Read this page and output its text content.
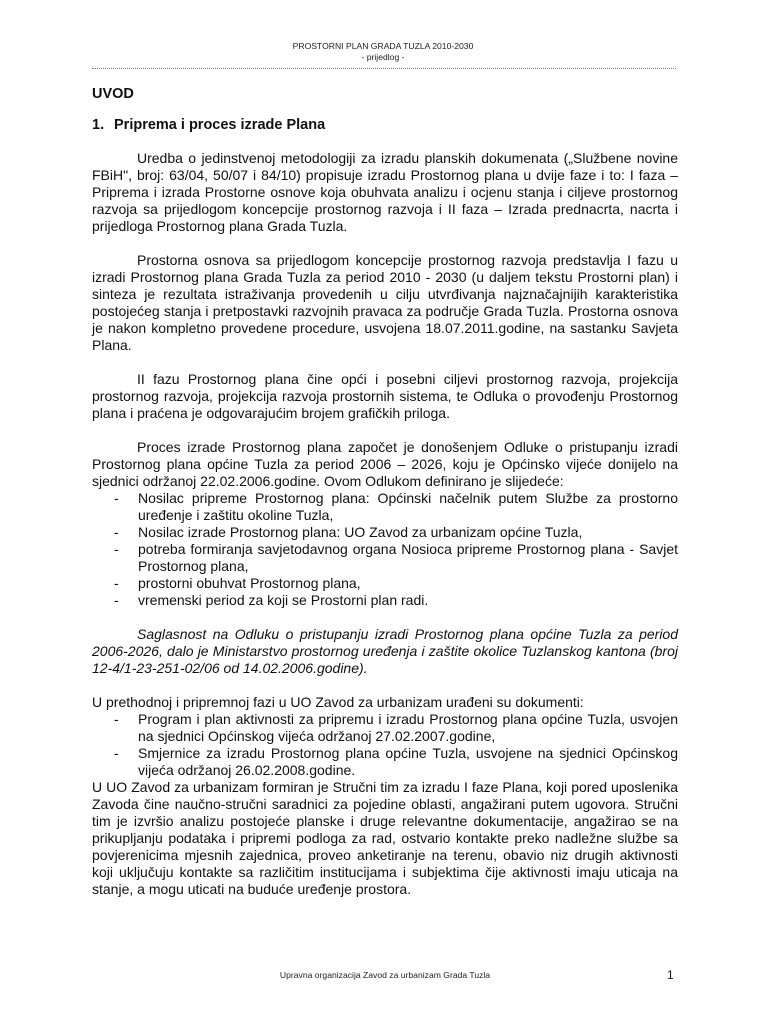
PROSTORNI PLAN GRADA TUZLA 2010-2030
- prijedlog -
UVOD
1. Priprema i proces izrade Plana

Uredba o jedinstvenoj metodologiji za izradu planskih dokumenata („Službene novine FBiH", broj: 63/04, 50/07 i 84/10) propisuje izradu Prostornog plana u dvije faze i to: I faza – Priprema i izrada Prostorne osnove koja obuhvata analizu i ocjenu stanja i ciljeve prostornog razvoja sa prijedlogom koncepcije prostornog razvoja i II faza – Izrada prednacrta, nacrta i prijedloga Prostornog plana Grada Tuzla.

Prostorna osnova sa prijedlogom koncepcije prostornog razvoja predstavlja I fazu u izradi Prostornog plana Grada Tuzla za period 2010 - 2030 (u daljem tekstu Prostorni plan) i sinteza je rezultata istraživanja provedenih u cilju utvrđivanja najznačajnijih karakteristika postojećeg stanja i pretpostavki razvojnih pravaca za područje Grada Tuzla. Prostorna osnova je nakon kompletno provedene procedure, usvojena 18.07.2011.godine, na sastanku Savjeta Plana.

II fazu Prostornog plana čine opći i posebni ciljevi prostornog razvoja, projekcija prostornog razvoja, projekcija razvoja prostornih sistema, te Odluka o provođenju Prostornog plana i praćena je odgovarajućim brojem grafičkih priloga.

Proces izrade Prostornog plana započet je donošenjem Odluke o pristupanju izradi Prostornog plana općine Tuzla za period 2006 – 2026, koju je Općinsko vijeće donijelo na sjednici održanoj 22.02.2006.godine. Ovom Odlukom definirano je slijedeće:

-	Nosilac pripreme Prostornog plana: Općinski načelnik putem Službe za prostorno uređenje i zaštitu okoline Tuzla,
-	Nosilac izrade Prostornog plana: UO Zavod za urbanizam općine Tuzla,
-	potreba formiranja savjetodavnog organa Nosioca pripreme Prostornog plana - Savjet Prostornog plana,
-	prostorni obuhvat Prostornog plana,
-	vremenski period za koji se Prostorni plan radi.

Saglasnost na Odluku o pristupanju izradi Prostornog plana općine Tuzla za period 2006-2026, dalo je Ministarstvo prostornog uređenja i zaštite okolice Tuzlanskog kantona (broj 12-4/1-23-251-02/06 od 14.02.2006.godine).

U prethodnoj i pripremnoj fazi u UO Zavod za urbanizam urađeni su dokumenti:

-	Program i plan aktivnosti za pripremu i izradu Prostornog plana općine Tuzla, usvojen na sjednici Općinskog vijeća održanoj 27.02.2007.godine,
-	Smjernice za izradu Prostornog plana općine Tuzla, usvojene na sjednici Općinskog vijeća održanoj 26.02.2008.godine.

U UO Zavod za urbanizam formiran je Stručni tim za izradu I faze Plana, koji pored uposlenika Zavoda čine naučno-stručni saradnici za pojedine oblasti, angažirani putem ugovora. Stručni tim je izvršio analizu postojeće planske i druge relevantne dokumentacije, angažirao se na prikupljanju podataka i pripremi podloga za rad, ostvario kontakte preko nadležne službe sa povjerenicima mjesnih zajednica, proveo anketiranje na terenu, obavio niz drugih aktivnosti koji uključuju kontakte sa različitim institucijama i subjektima čije aktivnosti imaju uticaja na stanje, a mogu uticati na buduće uređenje prostora.

Upravna organizacija Zavod za urbanizam Grada Tuzla	1
